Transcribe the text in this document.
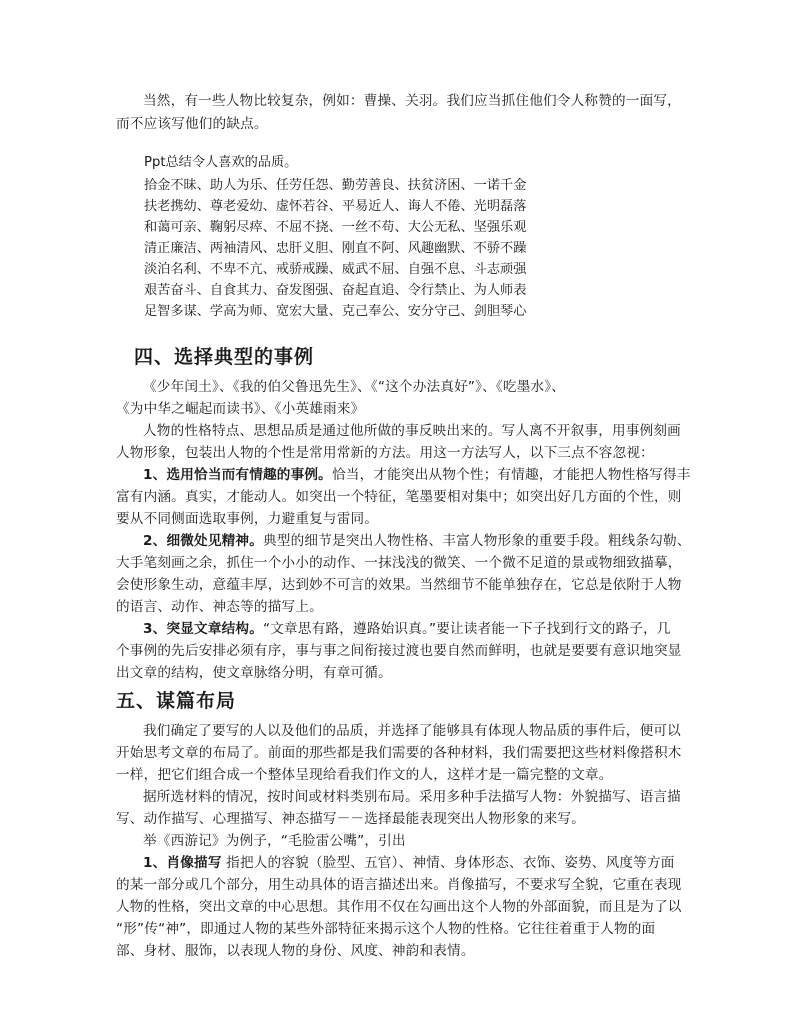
当然，有一些人物比较复杂，例如：曹操、关羽。我们应当抓住他们令人称赞的一面写，

而不应该写他们的缺点。

Ppt总结令人喜欢的品质。

拾金不昧、助人为乐、任劳任怨、勤劳善良、扶贫济困、一诺千金

扶老携幼、尊老爱幼、虚怀若谷、平易近人、诲人不倦、光明磊落

和蔼可亲、鞠躬尽瘁、不屈不挠、一丝不苟、大公无私、坚强乐观

清正廉洁、两袖清风、忠肝义胆、刚直不阿、风趣幽默、不骄不躁

淡泊名利、不卑不亢、戒骄戒躁、威武不屈、自强不息、斗志顽强

艰苦奋斗、自食其力、奋发图强、奋起直追、令行禁止、为人师表

足智多谋、学高为师、宽宏大量、克己奉公、安分守己、剑胆琴心

四、选择典型的事例

《少年闰土》、《我的伯父鲁迅先生》、《“这个办法真好”》、《吃墨水》、

《为中华之崛起而读书》、《小英雄雨来》

人物的性格特点、思想品质是通过他所做的事反映出来的。写人离不开叙事，用事例刻画

人物形象，包装出人物的个性是常用常新的方法。用这一方法写人，以下三点不容忽视：

1、选用恰当而有情趣的事例。恰当，才能突出从物个性；有情趣，才能把人物性格写得丰

富有内涵。真实，才能动人。如突出一个特征，笔墨要相对集中；如突出好几方面的个性，则

要从不同侧面选取事例，力避重复与雷同。

2、细微处见精神。典型的细节是突出人物性格、丰富人物形象的重要手段。粗线条勾勒、

大手笔刻画之余，抓住一个小小的动作、一抹浅浅的微笑、一个微不足道的景或物细致描摹，

会使形象生动，意蕴丰厚，达到妙不可言的效果。当然细节不能单独存在，它总是依附于人物

的语言、动作、神态等的描写上。

3、突显文章结构。“文章思有路，遵路始识真。”要让读者能一下子找到行文的路子，几

个事例的先后安排必须有序，事与事之间衔接过渡也要自然而鲜明，也就是要要有意识地突显

出文章的结构，使文章脉络分明，有章可循。

五、谋篇布局

我们确定了要写的人以及他们的品质，并选择了能够具有体现人物品质的事件后，便可以

开始思考文章的布局了。前面的那些都是我们需要的各种材料，我们需要把这些材料像搭积木

一样，把它们组合成一个整体呈现给看我们作文的人，这样才是一篇完整的文章。

据所选材料的情况，按时间或材料类别布局。采用多种手法描写人物：外貌描写、语言描

写、动作描写、心理描写、神态描写－－选择最能表现突出人物形象的来写。

举《西游记》为例子，“毛脸雷公嘴”，引出

1、肖像描写 指把人的容貌（脸型、五官）、神情、身体形态、衣饰、姿势、风度等方面

的某一部分或几个部分，用生动具体的语言描述出来。肖像描写，不要求写全貌，它重在表现

人物的性格，突出文章的中心思想。其作用不仅在勾画出这个人物的外部面貌，而且是为了以

“形”传“神”，即通过人物的某些外部特征来揭示这个人物的性格。它往往着重于人物的面

部、身材、服饰，以表现人物的身份、风度、神韵和表情。
